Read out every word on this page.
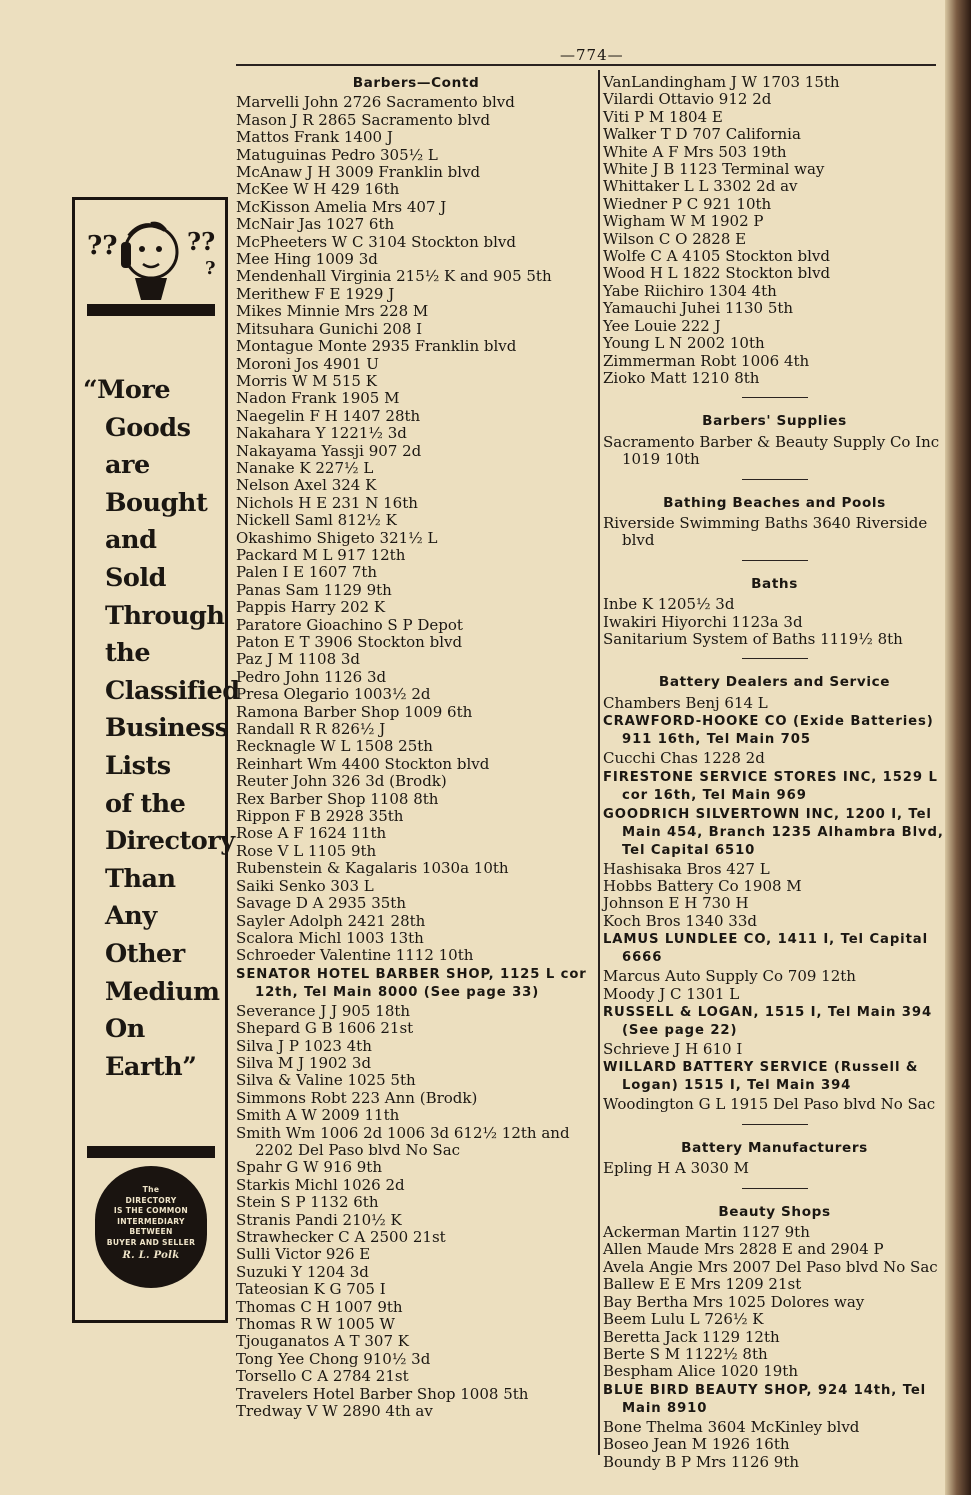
—774—
??	??
?
“More
Goods
are
Bought
and
Sold
Through
the
Classified
Business
Lists
of the
Directory
Than
Any
Other
Medium
On
Earth”
The
DIRECTORY
IS THE COMMON
INTERMEDIARY
BETWEEN
BUYER AND SELLER
R. L. Polk
Barbers—Contd
Marvelli John 2726 Sacramento blvd
Mason J R 2865 Sacramento blvd
Mattos Frank 1400 J
Matuguinas Pedro 305½ L
McAnaw J H 3009 Franklin blvd
McKee W H 429 16th
McKisson Amelia Mrs 407 J
McNair Jas 1027 6th
McPheeters W C 3104 Stockton blvd
Mee Hing 1009 3d
Mendenhall Virginia 215½ K and 905 5th
Merithew F E 1929 J
Mikes Minnie Mrs 228 M
Mitsuhara Gunichi 208 I
Montague Monte 2935 Franklin blvd
Moroni Jos 4901 U
Morris W M 515 K
Nadon Frank 1905 M
Naegelin F H 1407 28th
Nakahara Y 1221½ 3d
Nakayama Yassji 907 2d
Nanake K 227½ L
Nelson Axel 324 K
Nichols H E 231 N 16th
Nickell Saml 812½ K
Okashimo Shigeto 321½ L
Packard M L 917 12th
Palen I E 1607 7th
Panas Sam 1129 9th
Pappis Harry 202 K
Paratore Gioachino S P Depot
Paton E T 3906 Stockton blvd
Paz J M 1108 3d
Pedro John 1126 3d
Presa Olegario 1003½ 2d
Ramona Barber Shop 1009 6th
Randall R R 826½ J
Recknagle W L 1508 25th
Reinhart Wm 4400 Stockton blvd
Reuter John 326 3d (Brodk)
Rex Barber Shop 1108 8th
Rippon F B 2928 35th
Rose A F 1624 11th
Rose V L 1105 9th
Rubenstein & Kagalaris 1030a 10th
Saiki Senko 303 L
Savage D A 2935 35th
Sayler Adolph 2421 28th
Scalora Michl 1003 13th
Schroeder Valentine 1112 10th
SENATOR HOTEL BARBER SHOP, 1125 L cor 12th, Tel Main 8000 (See page 33)
Severance J J 905 18th
Shepard G B 1606 21st
Silva J P 1023 4th
Silva M J 1902 3d
Silva & Valine 1025 5th
Simmons Robt 223 Ann (Brodk)
Smith A W 2009 11th
Smith Wm 1006 2d 1006 3d 612½ 12th and 2202 Del Paso blvd No Sac
Spahr G W 916 9th
Starkis Michl 1026 2d
Stein S P 1132 6th
Stranis Pandi 210½ K
Strawhecker C A 2500 21st
Sulli Victor 926 E
Suzuki Y 1204 3d
Tateosian K G 705 I
Thomas C H 1007 9th
Thomas R W 1005 W
Tjouganatos A T 307 K
Tong Yee Chong 910½ 3d
Torsello C A 2784 21st
Travelers Hotel Barber Shop 1008 5th
Tredway V W 2890 4th av
VanLandingham J W 1703 15th
Vilardi Ottavio 912 2d
Viti P M 1804 E
Walker T D 707 California
White A F Mrs 503 19th
White J B 1123 Terminal way
Whittaker L L 3302 2d av
Wiedner P C 921 10th
Wigham W M 1902 P
Wilson C O 2828 E
Wolfe C A 4105 Stockton blvd
Wood H L 1822 Stockton blvd
Yabe Riichiro 1304 4th
Yamauchi Juhei 1130 5th
Yee Louie 222 J
Young L N 2002 10th
Zimmerman Robt 1006 4th
Zioko Matt 1210 8th
Barbers' Supplies
Sacramento Barber & Beauty Supply Co Inc 1019 10th
Bathing Beaches and Pools
Riverside Swimming Baths 3640 Riverside blvd
Baths
Inbe K 1205½ 3d
Iwakiri Hiyorchi 1123a 3d
Sanitarium System of Baths 1119½ 8th
Battery Dealers and Service
Chambers Benj 614 L
CRAWFORD-HOOKE CO (Exide Batteries) 911 16th, Tel Main 705
Cucchi Chas 1228 2d
FIRESTONE SERVICE STORES INC, 1529 L cor 16th, Tel Main 969
GOODRICH SILVERTOWN INC, 1200 I, Tel Main 454, Branch 1235 Alhambra Blvd, Tel Capital 6510
Hashisaka Bros 427 L
Hobbs Battery Co 1908 M
Johnson E H 730 H
Koch Bros 1340 33d
LAMUS LUNDLEE CO, 1411 I, Tel Capital 6666
Marcus Auto Supply Co 709 12th
Moody J C 1301 L
RUSSELL & LOGAN, 1515 I, Tel Main 394 (See page 22)
Schrieve J H 610 I
WILLARD BATTERY SERVICE (Russell & Logan) 1515 I, Tel Main 394
Woodington G L 1915 Del Paso blvd No Sac
Battery Manufacturers
Epling H A 3030 M
Beauty Shops
Ackerman Martin 1127 9th
Allen Maude Mrs 2828 E and 2904 P
Avela Angie Mrs 2007 Del Paso blvd No Sac
Ballew E E Mrs 1209 21st
Bay Bertha Mrs 1025 Dolores way
Beem Lulu L 726½ K
Beretta Jack 1129 12th
Berte S M 1122½ 8th
Bespham Alice 1020 19th
BLUE BIRD BEAUTY SHOP, 924 14th, Tel Main 8910
Bone Thelma 3604 McKinley blvd
Boseo Jean M 1926 16th
Boundy B P Mrs 1126 9th
